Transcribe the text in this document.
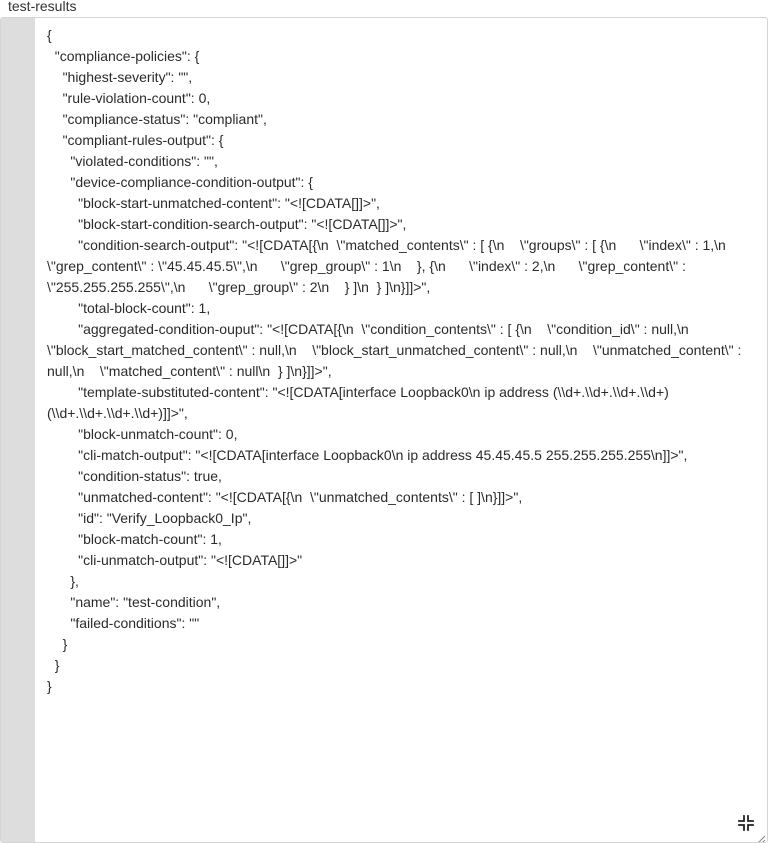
test-results
{
"compliance-policies": {
"highest-severity": "",
"rule-violation-count": 0,
"compliance-status": "compliant",
"compliant-rules-output": {
"violated-conditions": "",
"device-compliance-condition-output": {
"block-start-unmatched-content": "<![CDATA[]]>",
"block-start-condition-search-output": "<![CDATA[]]>",
"condition-search-output": "<![CDATA[{\n  \"matched_contents\" : [ {\n    \"groups\" : [ {\n      \"index\" : 1,\n      \"grep_content\" : \"45.45.45.5\",\n      \"grep_group\" : 1\n    }, {\n      \"index\" : 2,\n      \"grep_content\" : \"255.255.255.255\",\n      \"grep_group\" : 2\n    } ]\n  } ]\n}]]>",
"total-block-count": 1,
"aggregated-condition-ouput": "<![CDATA[{\n  \"condition_contents\" : [ {\n    \"condition_id\" : null,\n    \"block_start_matched_content\" : null,\n    \"block_start_unmatched_content\" : null,\n    \"unmatched_content\" : null,\n    \"matched_content\" : null\n  } ]\n}]]>",
"template-substituted-content": "<![CDATA[interface Loopback0\n ip address (\\d+.\\d+.\\d+.\\d+) (\\d+.\\d+.\\d+.\\d+)]]>",
"block-unmatch-count": 0,
"cli-match-output": "<![CDATA[interface Loopback0\n ip address 45.45.45.5 255.255.255.255\n]]>",
"condition-status": true,
"unmatched-content": "<![CDATA[{\n  \"unmatched_contents\" : [ ]\n}]]>",
"id": "Verify_Loopback0_Ip",
"block-match-count": 1,
"cli-unmatch-output": "<![CDATA[]]>"
},
"name": "test-condition",
"failed-conditions": ""
}
}
}
